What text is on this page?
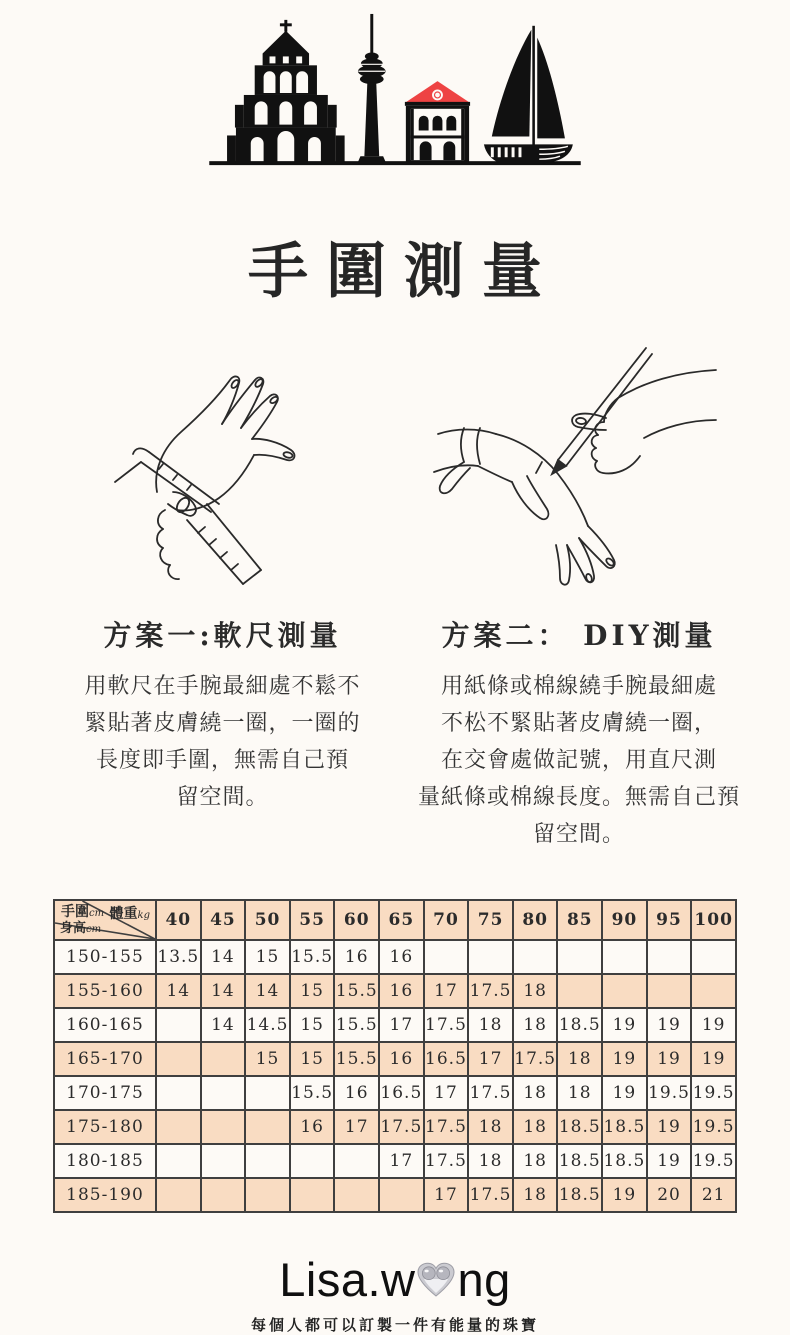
手圍測量
方案一:軟尺測量
用軟尺在手腕最細處不鬆不
緊貼著皮膚繞一圈，一圈的
長度即手圍，無需自己預
留空間。
方案二： DIY測量
用紙條或棉線繞手腕最細處
不松不緊貼著皮膚繞一圈，
在交會處做記號，用直尺測
量紙條或棉線長度。無需自己預
留空間。
手圍cm 體重kg
身高cm	40	45	50	55	60	65	70	75	80	85	90	95	100
150-155	13.5	14	15	15.5	16	16							
155-160	14	14	14	15	15.5	16	17	17.5	18				
160-165		14	14.5	15	15.5	17	17.5	18	18	18.5	19	19	19
165-170			15	15	15.5	16	16.5	17	17.5	18	19	19	19
170-175				15.5	16	16.5	17	17.5	18	18	19	19.5	19.5
175-180				16	17	17.5	17.5	18	18	18.5	18.5	19	19.5
180-185						17	17.5	18	18	18.5	18.5	19	19.5
185-190							17	17.5	18	18.5	19	20	21
Lisa.w ng
每個人都可以訂製一件有能量的珠寶
